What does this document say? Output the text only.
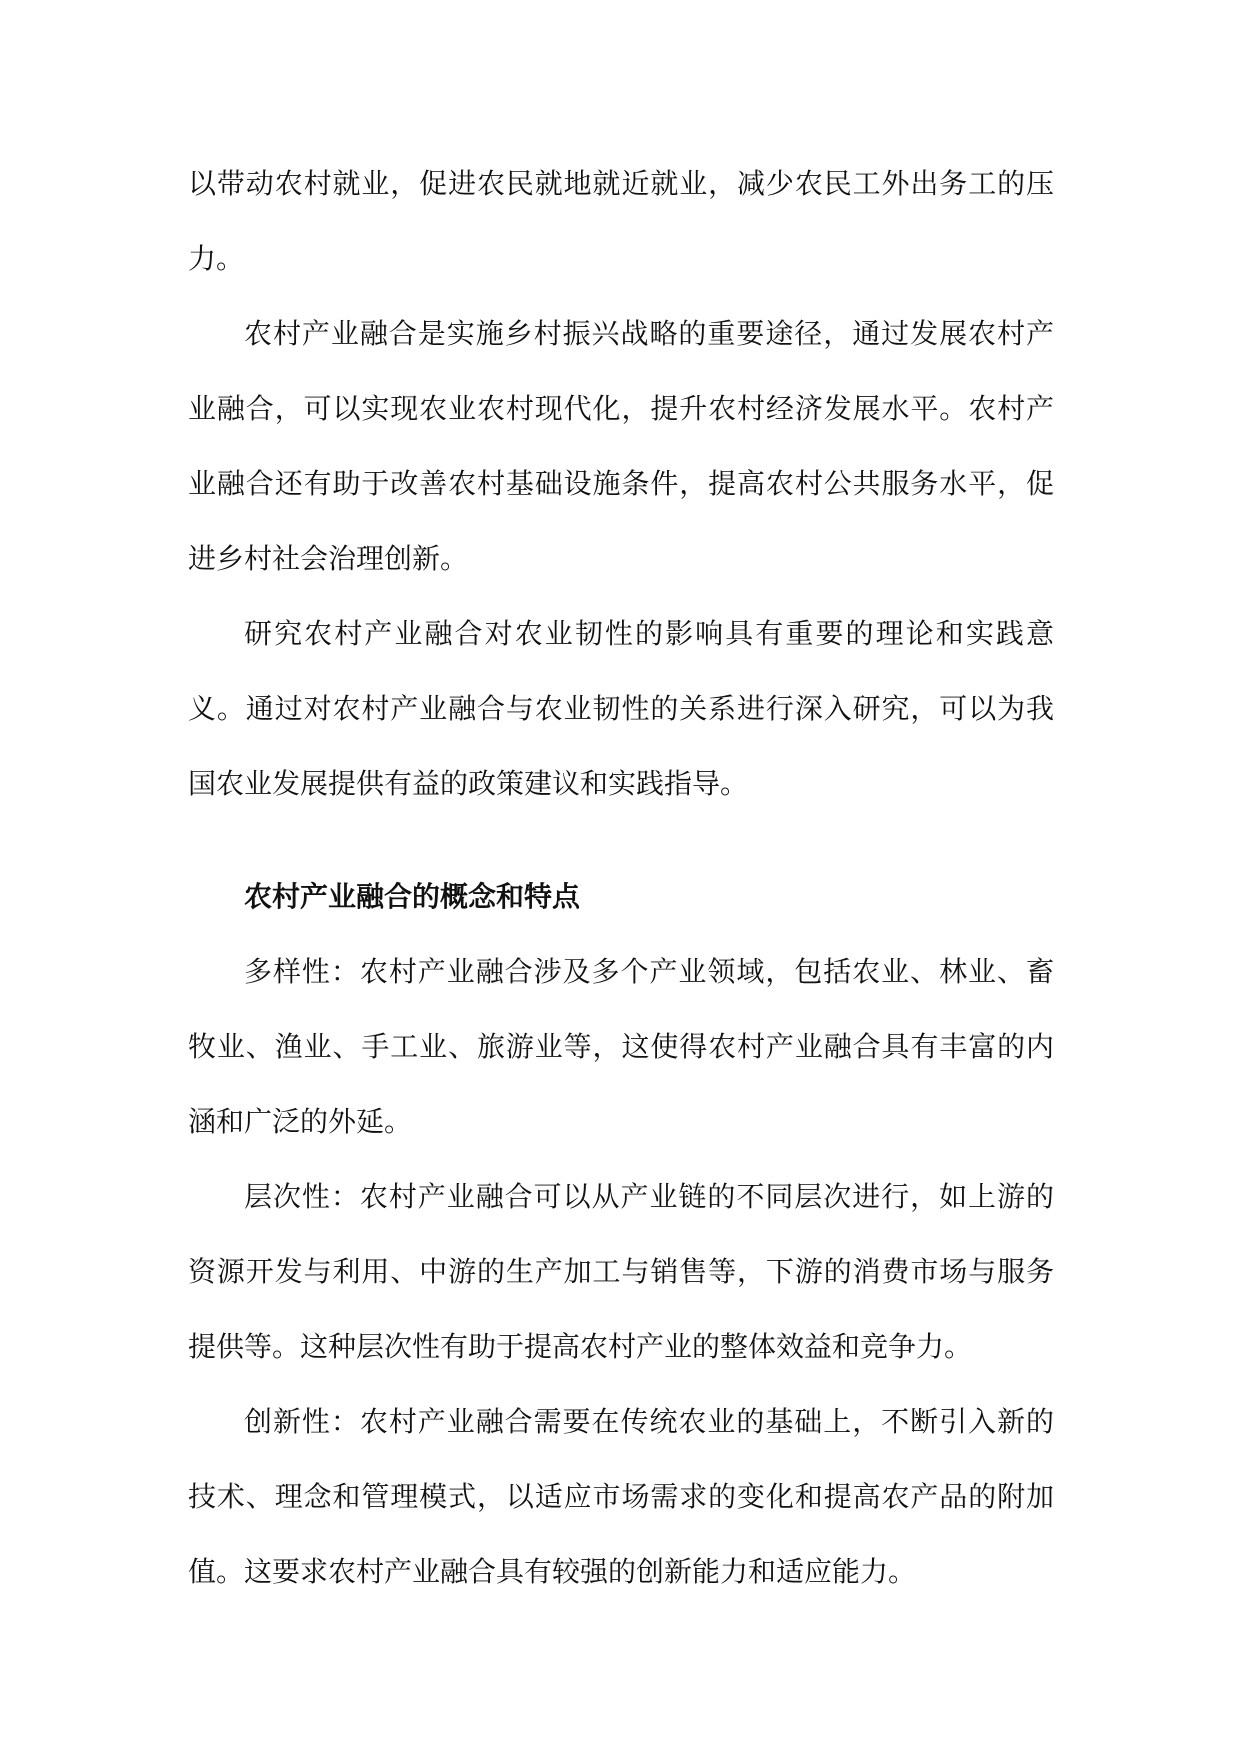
以带动农村就业，促进农民就地就近就业，减少农民工外出务工的压力。

农村产业融合是实施乡村振兴战略的重要途径，通过发展农村产业融合，可以实现农业农村现代化，提升农村经济发展水平。农村产业融合还有助于改善农村基础设施条件，提高农村公共服务水平，促进乡村社会治理创新。

研究农村产业融合对农业韧性的影响具有重要的理论和实践意义。通过对农村产业融合与农业韧性的关系进行深入研究，可以为我国农业发展提供有益的政策建议和实践指导。

农村产业融合的概念和特点

多样性：农村产业融合涉及多个产业领域，包括农业、林业、畜牧业、渔业、手工业、旅游业等，这使得农村产业融合具有丰富的内涵和广泛的外延。

层次性：农村产业融合可以从产业链的不同层次进行，如上游的资源开发与利用、中游的生产加工与销售等，下游的消费市场与服务提供等。这种层次性有助于提高农村产业的整体效益和竞争力。

创新性：农村产业融合需要在传统农业的基础上，不断引入新的技术、理念和管理模式，以适应市场需求的变化和提高农产品的附加值。这要求农村产业融合具有较强的创新能力和适应能力。
